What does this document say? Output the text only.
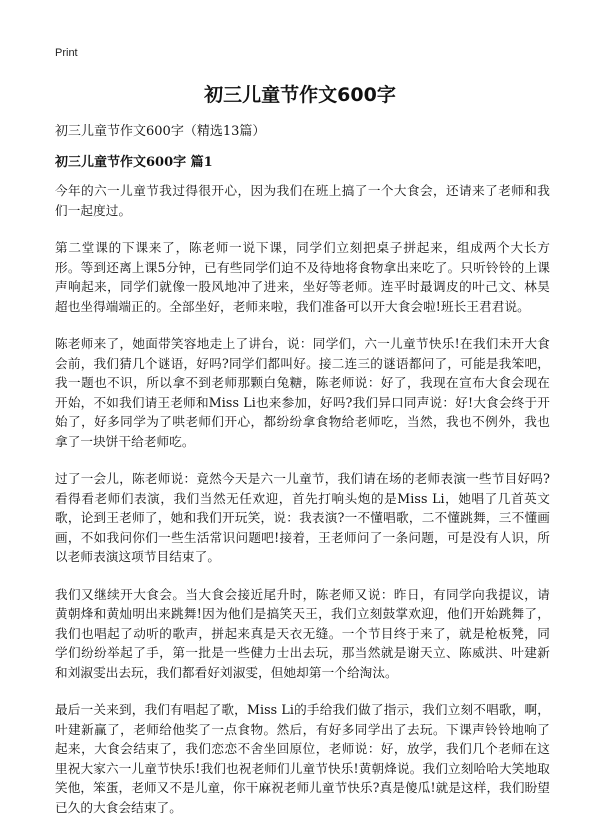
Print
初三儿童节作文600字

初三儿童节作文600字（精选13篇）

初三儿童节作文600字 篇1

今年的六一儿童节我过得很开心，因为我们在班上搞了一个大食会，还请来了老师和我们一起度过。

第二堂课的下课来了，陈老师一说下课，同学们立刻把桌子拼起来，组成两个大长方形。等到还离上课5分钟，已有些同学们迫不及待地将食物拿出来吃了。只听铃铃的上课声响起来，同学们就像一股风地冲了进来，坐好等老师。连平时最调皮的叶己文、林昊超也坐得端端正的。全部坐好，老师来啦，我们准备可以开大食会啦!班长王君君说。

陈老师来了，她面带笑容地走上了讲台，说：同学们，六一儿童节快乐!在我们未开大食会前，我们猜几个谜语，好吗?同学们都叫好。接二连三的谜语都问了，可能是我笨吧，我一题也不识，所以拿不到老师那颗白兔糖，陈老师说：好了，我现在宣布大食会现在开始，不如我们请王老师和Miss Li也来参加，好吗?我们异口同声说：好!大食会终于开始了，好多同学为了哄老师们开心，都纷纷拿食物给老师吃，当然，我也不例外，我也拿了一块饼干给老师吃。

过了一会儿，陈老师说：竟然今天是六一儿童节，我们请在场的老师表演一些节目好吗?看得看老师们表演，我们当然无任欢迎，首先打响头炮的是Miss Li，她唱了几首英文歌，论到王老师了，她和我们开玩笑，说：我表演?一不懂唱歌，二不懂跳舞，三不懂画画，不如我问你们一些生活常识问题吧!接着，王老师问了一条问题，可是没有人识，所以老师表演这项节目结束了。

我们又继续开大食会。当大食会接近尾升时，陈老师又说：昨日，有同学向我提议，请黄朝烽和黄灿明出来跳舞!因为他们是搞笑天王，我们立刻鼓掌欢迎，他们开始跳舞了，我们也唱起了动听的歌声，拼起来真是天衣无缝。一个节目终于来了，就是枪板凳，同学们纷纷举起了手，第一批是一些健力士出去玩，那当然就是谢天立、陈威洪、叶建新和刘淑雯出去玩，我们都看好刘淑雯，但她却第一个给淘汰。

最后一关来到，我们有唱起了歌，Miss Li的手给我们做了指示，我们立刻不唱歌，啊，叶建新赢了，老师给他奖了一点食物。然后，有好多同学出了去玩。下课声铃铃地响了起来，大食会结束了，我们恋恋不舍坐回原位，老师说：好，放学，我们几个老师在这里祝大家六一儿童节快乐!我们也祝老师们儿童节快乐!黄朝烽说。我们立刻哈哈大笑地取笑他，笨蛋，老师又不是儿童，你干麻祝老师儿童节快乐?真是傻瓜!就是这样，我们盼望已久的大食会结束了。
